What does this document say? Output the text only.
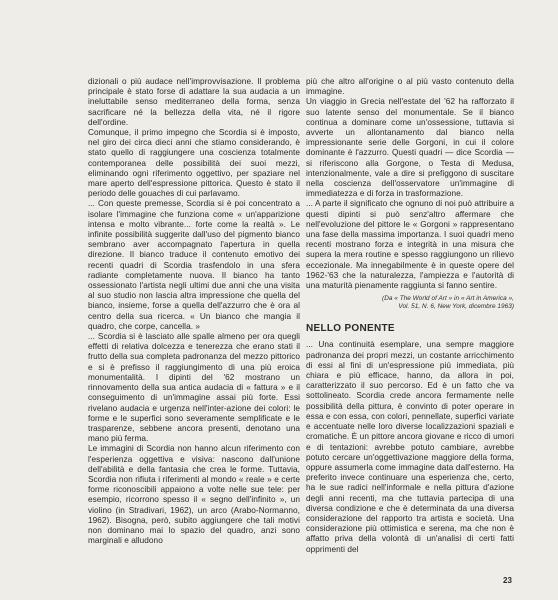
dizionali o più audace nell'improvvisazione. Il problema principale è stato forse di adattare la sua audacia a un ineluttabile senso mediterraneo della forma, senza sacrificare né la bellezza della vita, né il rigore dell'ordine.

Comunque, il primo impegno che Scordia si è imposto, nel giro dei circa dieci anni che stiamo considerando, è stato quello di raggiungere una coscienza totalmente contemporanea delle possibilità dei suoi mezzi, eliminando ogni riferimento oggettivo, per spaziare nel mare aperto dell'espressione pittorica. Questo è stato il periodo delle gouaches di cui parlavamo.

... Con queste premesse, Scordia si è poi concentrato a isolare l'immagine che funziona come « un'apparizione intensa e molto vibrante... forte come la realtà ». Le infinite possibilità suggerite dall'uso del pigmento bianco sembrano aver accompagnato l'apertura in quella direzione. Il bianco traduce il contenuto emotivo dei recenti quadri di Scordia trasfendolo in una sfera radiante completamente nuova. Il bianco ha tanto ossessionato l'artista negli ultimi due anni che una visita al suo studio non lascia altra impressione che quella del bianco, insieme, forse a quella dell'azzurro che è ora al centro della sua ricerca. « Un bianco che mangia il quadro, che corpe, cancella. »

... Scordia si è lasciato alle spalle almeno per ora quegli effetti di relativa dolcezza e tenerezza che erano stati il frutto della sua completa padronanza del mezzo pittorico e si è prefisso il raggiungimento di una più eroica monumentalità. I dipinti del '62 mostrano un rinnovamento della sua antica audacia di « fattura » e il conseguimento di un'immagine assai più forte. Essi rivelano audacia e urgenza nell'inter-azione dei colori: le forme e le superfici sono severamente semplificate e le trasparenze, sebbene ancora presenti, denotano una mano più ferma.

Le immagini di Scordia non hanno alcun riferimento con l'esperienza oggettiva e visiva: nascono dall'unione dell'abilità e della fantasia che crea le forme. Tuttavia, Scordia non rifiuta i riferimenti al mondo « reale » e certe forme riconoscibili appaiono a volte nelle sue tele: per esempio, ricorrono spesso il « segno dell'infinito », un violino (in Stradivari, 1962), un arco (Arabo-Normanno, 1962). Bisogna, però, subito aggiungere che tali motivi non dominano mai lo spazio del quadro, anzi sono marginali e alludono

più che altro all'origine o al più vasto contenuto della immagine.

Un viaggio in Grecia nell'estate del '62 ha rafforzato il suo latente senso del monumentale. Se il bianco continua a dominare come un'ossessione, tuttavia si avverte un allontanamento dal bianco nella impressionante serie delle Gorgoni, in cui il colore dominante è l'azzurro. Questi quadri — dice Scordia — si riferiscono alla Gorgone, o Testa di Medusa, intenzionalmente, vale a dire si prefiggono di suscitare nella coscienza dell'osservatore un'immagine di immediatezza e di forza in trasformazione.

... A parte il significato che ognuno di noi può attribuire a questi dipinti si può senz'altro affermare che nell'evoluzione del pittore le « Gorgoni » rappresentano una fase della massima importanza. I suoi quadri meno recenti mostrano forza e integrità in una misura che supera la mera routine e spesso raggiungono un rilievo eccezionale. Ma innegabilmente è in queste opere del 1962-'63 che la naturalezza, l'ampiezza e l'autorità di una maturità pienamente raggiunta si fanno sentire.

(Da « The World of Art » in « Art in America »,
Vol. 51, N. 6, New York, dicembre 1963)
NELLO PONENTE

... Una continuità esemplare, una sempre maggiore padronanza dei propri mezzi, un costante arricchimento di essi al fini di un'espressione più immediata, più chiara e più efficace, hanno, da allora in poi, caratterizzato il suo percorso. Ed è un fatto che va sottolineato. Scordia crede ancora fermamente nelle possibilità della pittura, è convinto di poter operare in essa e con essa, con colori, pennellate, superfici variate e accentuate nelle loro diverse localizzazioni spaziali e cromatiche. È un pittore ancora giovane e ricco di umori e di tentazioni: avrebbe potuto cambiare, avrebbe potuto cercare un'oggettivazione maggiore della forma, oppure assumerla come immagine data dall'esterno. Ha preferito invece continuare una esperienza che, certo, ha le sue radici nell'informale e nella pittura d'azione degli anni recenti, ma che tuttavia partecipa di una diversa condizione e che è determinata da una diversa considerazione del rapporto tra artista e società. Una considerazione più ottimistica e serena, ma che non è affatto priva della volontà di un'analisi di certi fatti opprimenti del

23
